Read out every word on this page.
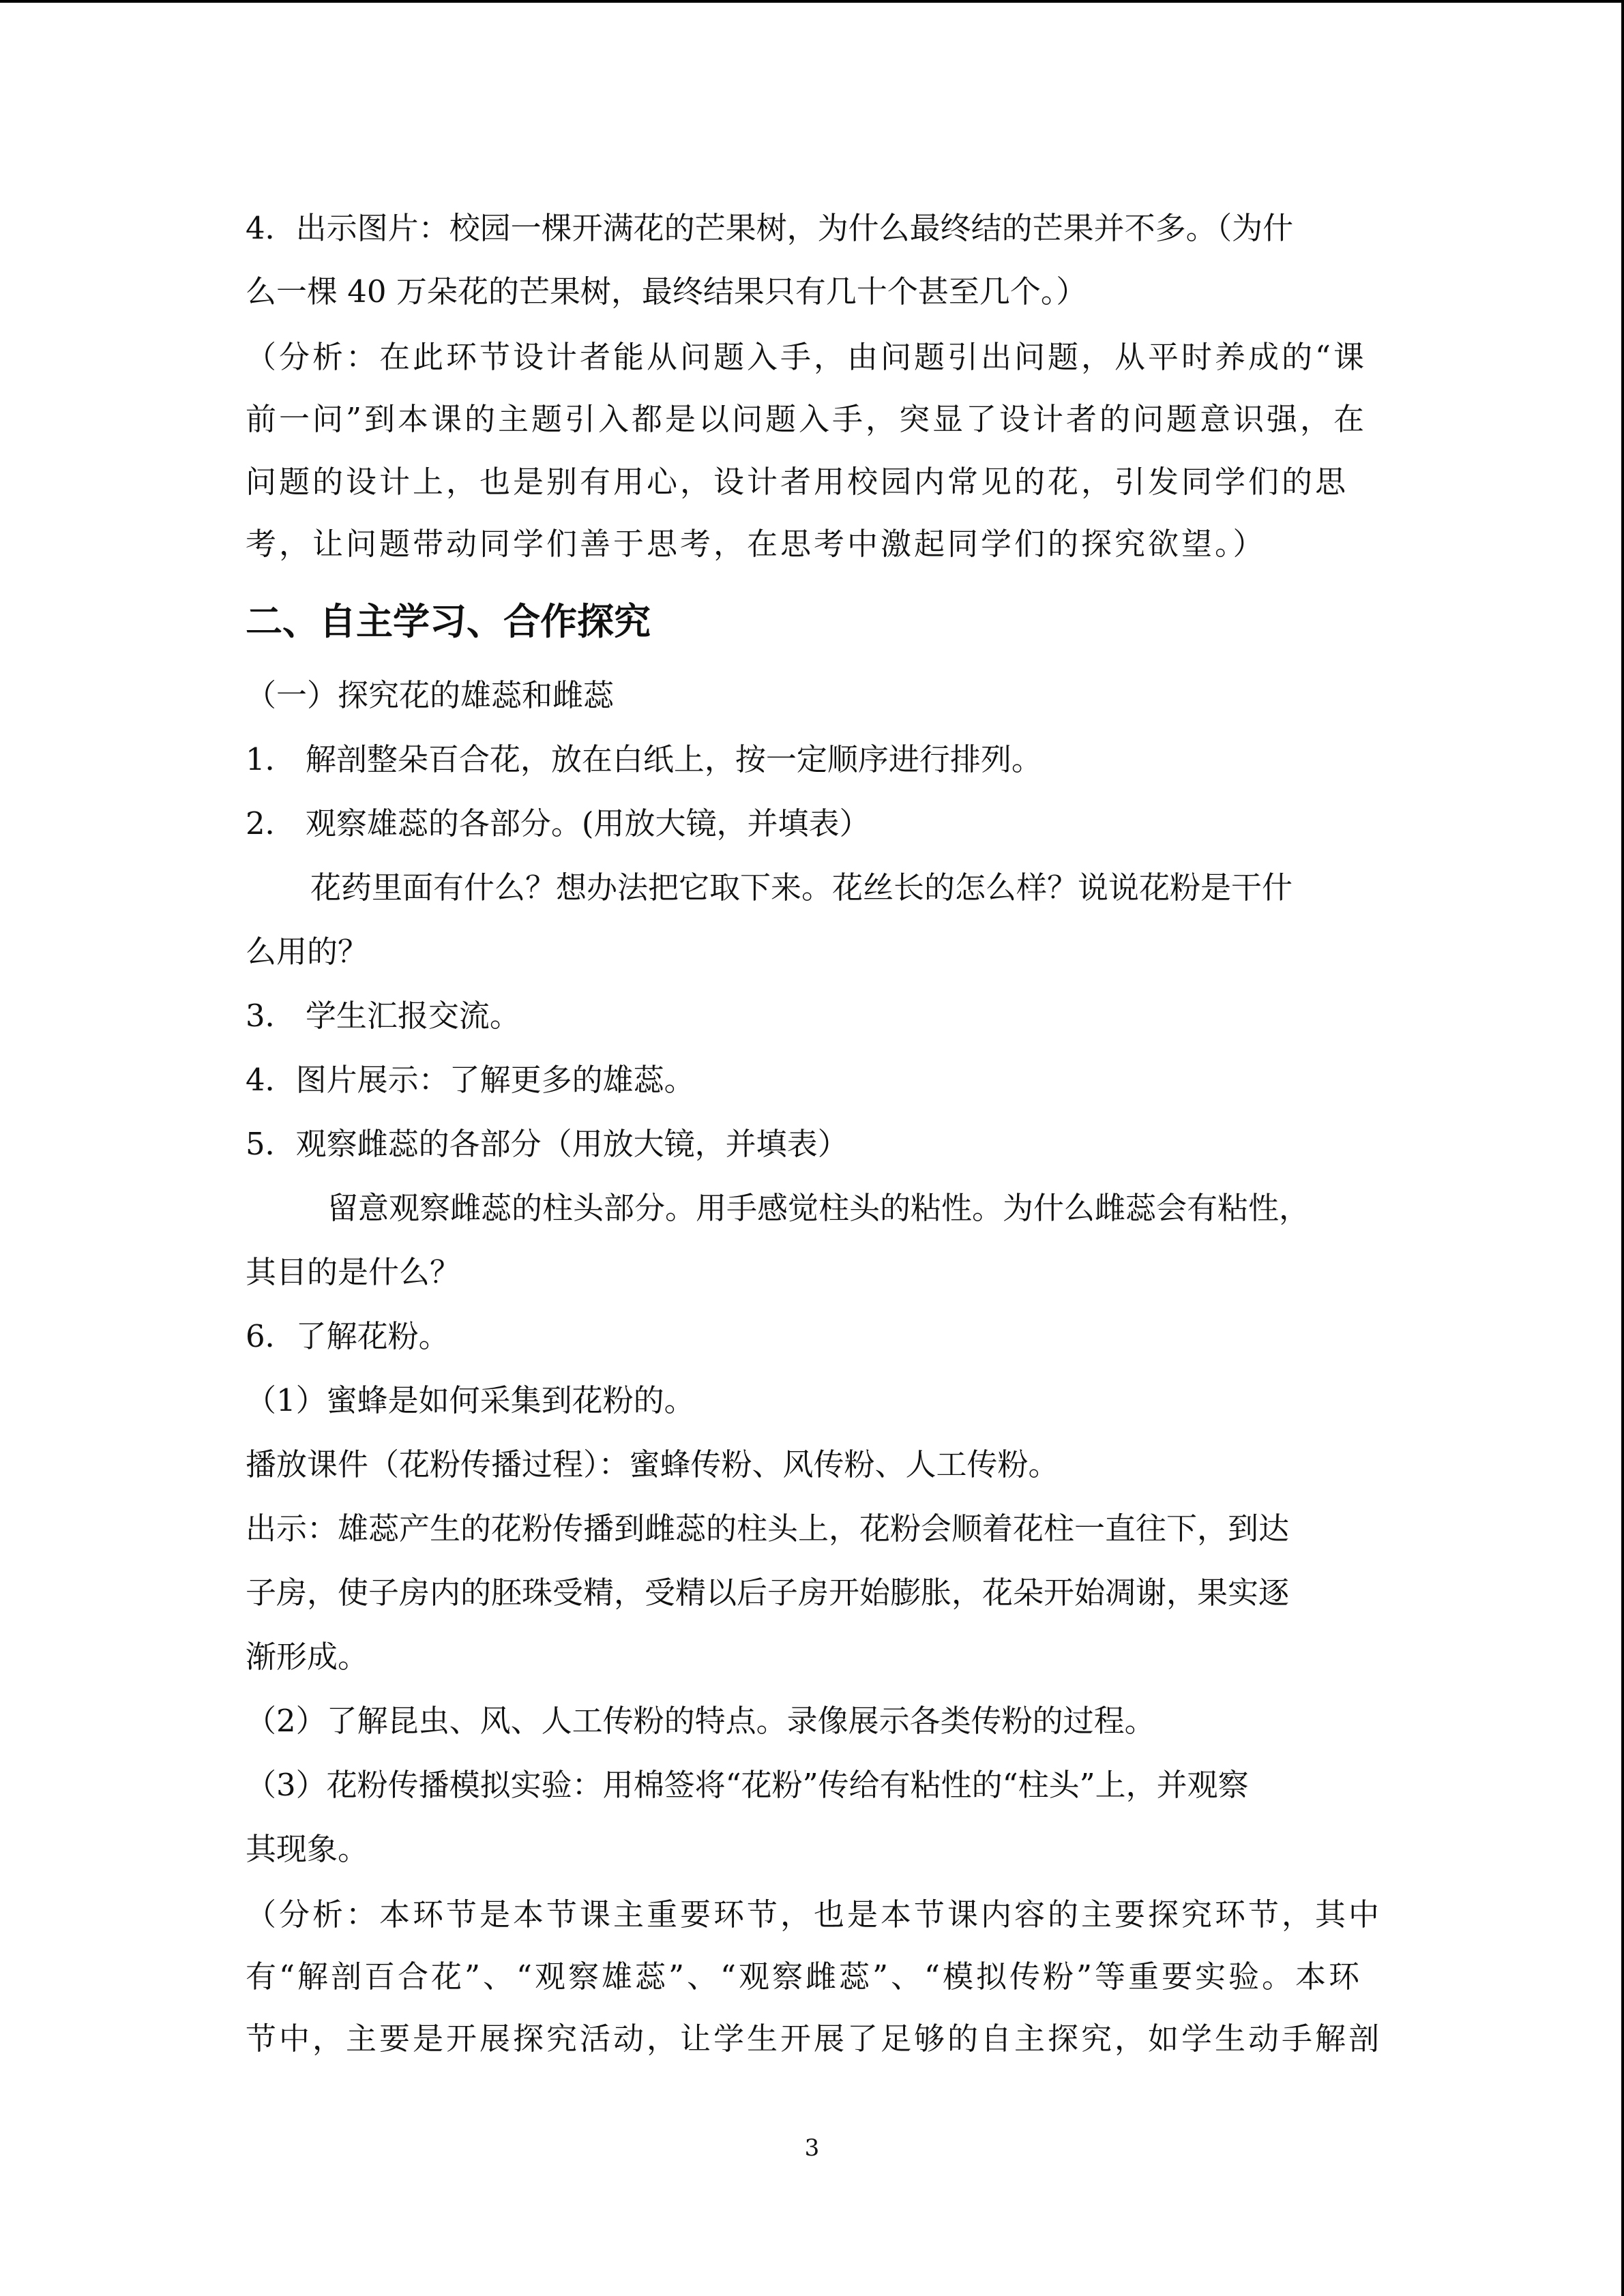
4．出示图片：校园一棵开满花的芒果树，为什么最终结的芒果并不多。（为什
么一棵 40 万朵花的芒果树，最终结果只有几十个甚至几个。）
（分析：在此环节设计者能从问题入手，由问题引出问题，从平时养成的“课
前一问”到本课的主题引入都是以问题入手，突显了设计者的问题意识强，在
问题的设计上，也是别有用心，设计者用校园内常见的花，引发同学们的思
考，让问题带动同学们善于思考，在思考中激起同学们的探究欲望。）
二、自主学习、合作探究
（一）探究花的雄蕊和雌蕊
1． 解剖整朵百合花，放在白纸上，按一定顺序进行排列。
2． 观察雄蕊的各部分。(用放大镜，并填表）
花药里面有什么？想办法把它取下来。花丝长的怎么样？说说花粉是干什
么用的？
3． 学生汇报交流。
4．图片展示：了解更多的雄蕊。
5．观察雌蕊的各部分（用放大镜，并填表）
留意观察雌蕊的柱头部分。用手感觉柱头的粘性。为什么雌蕊会有粘性，
其目的是什么？
6．了解花粉。
（1）蜜蜂是如何采集到花粉的。
播放课件（花粉传播过程）：蜜蜂传粉、风传粉、人工传粉。
出示：雄蕊产生的花粉传播到雌蕊的柱头上，花粉会顺着花柱一直往下，到达
子房，使子房内的胚珠受精，受精以后子房开始膨胀，花朵开始凋谢，果实逐
渐形成。
（2）了解昆虫、风、人工传粉的特点。录像展示各类传粉的过程。
（3）花粉传播模拟实验：用棉签将“花粉”传给有粘性的“柱头”上，并观察
其现象。
（分析：本环节是本节课主重要环节，也是本节课内容的主要探究环节，其中
有“解剖百合花”、“观察雄蕊”、“观察雌蕊”、“模拟传粉”等重要实验。本环
节中，主要是开展探究活动，让学生开展了足够的自主探究，如学生动手解剖
3
